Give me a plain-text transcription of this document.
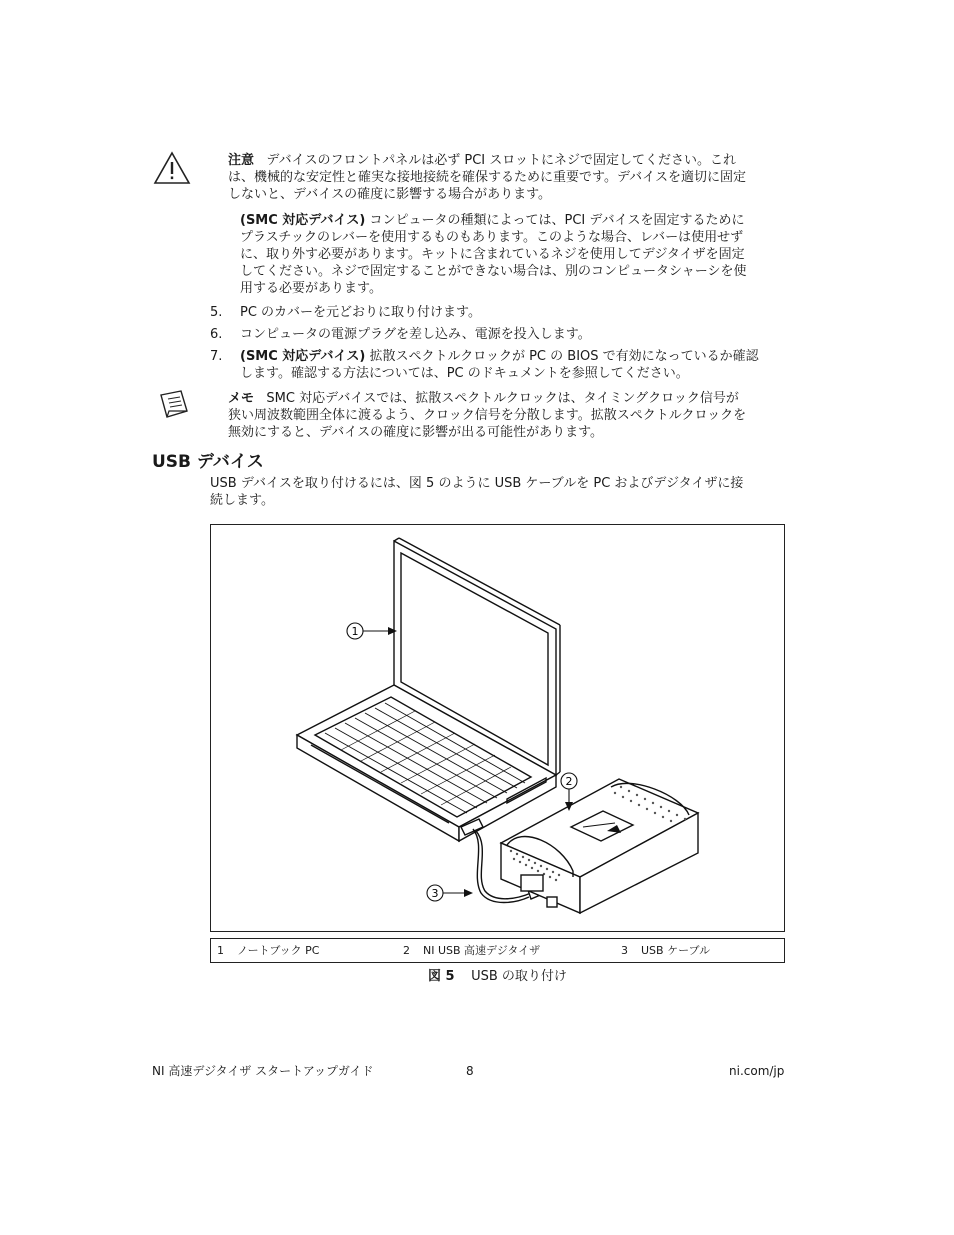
注意 デバイスのフロントパネルは必ず PCI スロットにネジで固定してください。これ
は、機械的な安定性と確実な接地接続を確保するために重要です。デバイスを適切に固定
しないと、デバイスの確度に影響する場合があります。
(SMC 対応デバイス) コンピュータの種類によっては、PCI デバイスを固定するために
プラスチックのレバーを使用するものもあります。このような場合、レバーは使用せず
に、取り外す必要があります。キットに含まれているネジを使用してデジタイザを固定
してください。ネジで固定することができない場合は、別のコンピュータシャーシを使
用する必要があります。
5. PC のカバーを元どおりに取り付けます。
6. コンピュータの電源プラグを差し込み、電源を投入します。
7. (SMC 対応デバイス) 拡散スペクトルクロックが PC の BIOS で有効になっているか確認
します。確認する方法については、PC のドキュメントを参照してください。
メモ SMC 対応デバイスでは、拡散スペクトルクロックは、タイミングクロック信号が
狭い周波数範囲全体に渡るよう、クロック信号を分散します。拡散スペクトルクロックを
無効にすると、デバイスの確度に影響が出る可能性があります。
USB デバイス
USB デバイスを取り付けるには、図 5 のように USB ケーブルを PC およびデジタイザに接
続します。
1
2
3
1 ノートブック PC	2 NI USB 高速デジタイザ	3 USB ケーブル
図 5 USB の取り付け
NI 高速デジタイザ スタートアップガイド	8	ni.com/jp
